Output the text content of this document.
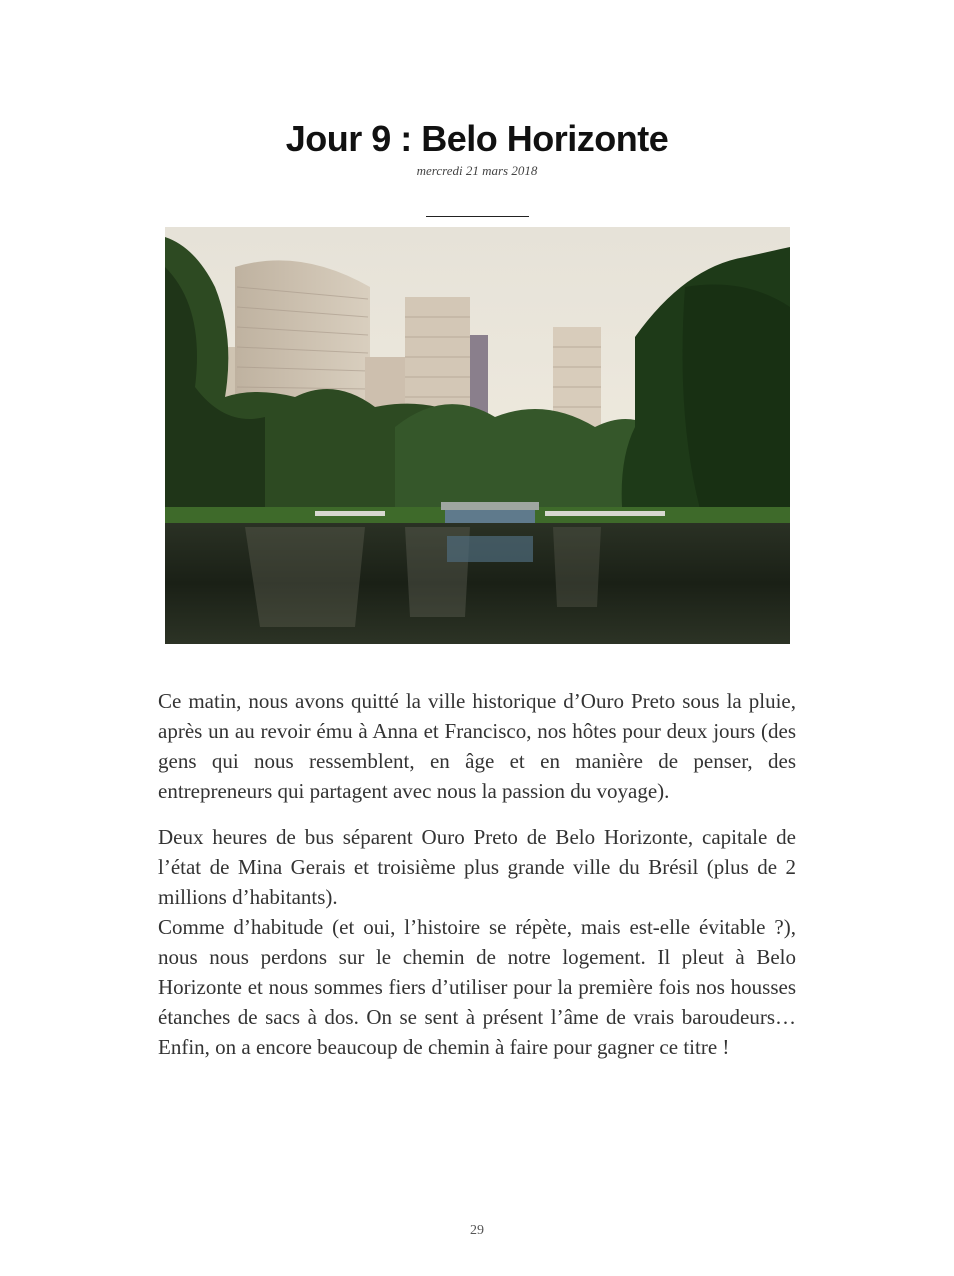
Jour 9 : Belo Horizonte
mercredi 21 mars 2018

Ce matin, nous avons quitté la ville historique d’Ouro Preto sous la pluie, après un au revoir ému à Anna et Francisco, nos hôtes pour deux jours (des gens qui nous ressemblent, en âge et en manière de penser, des entrepreneurs qui partagent avec nous la passion du voyage).

Deux heures de bus séparent Ouro Preto de Belo Horizonte, capitale de l’état de Mina Gerais et troisième plus grande ville du Brésil (plus de 2 millions d’habitants).

Comme d’habitude (et oui, l’histoire se répète, mais est-elle évitable ?), nous nous perdons sur le chemin de notre logement. Il pleut à Belo Horizonte et nous sommes fiers d’utiliser pour la première fois nos housses étanches de sacs à dos. On se sent à présent l’âme de vrais baroudeurs… Enfin, on a encore beaucoup de chemin à faire pour gagner ce titre !

29
